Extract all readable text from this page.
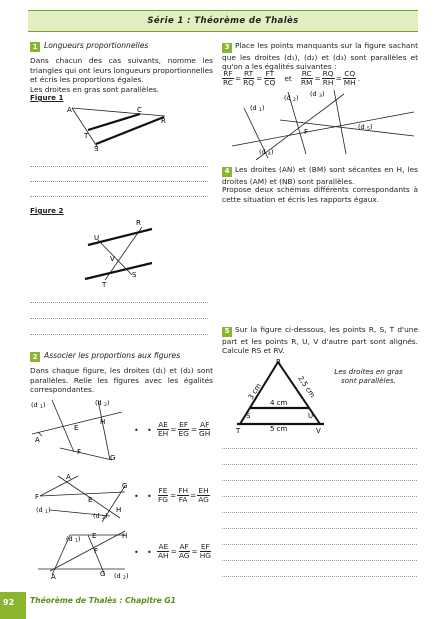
Série 1 : Théorème de Thalès
1 Longueurs proportionnelles
Dans chacun des cas suivants, nomme les triangles qui ont leurs longueurs proportionnelles et écris les proportions égales.
Les droites en gras sont parallèles.
Figure 1
A	C
R
T
S
Figure 2
R
U
V
S
T
2 Associer les proportions aux figures
Dans chaque figure, les droites (d₁) et (d₂) sont parallèles. Relie les figures avec les égalités correspondantes.
(d 1 )	(d 2 )
A
E
H
F
G
• • $\frac{AE}{EH} = \frac{EF}{EG} = \frac{AF}{GH}$
A
G
F	E
(d 1 )
(d 2 )
H
• • $\frac{FE}{FG} = \frac{FH}{FA} = \frac{EH}{AG}$
(d 1 ) E	H
F
A	G (d 2 )
• • $\frac{AE}{AH} = \frac{AF}{AG} = \frac{EF}{HG}$
3 Place les points manquants sur la figure sachant que les droites (d₁), (d₂) et (d₃) sont parallèles et qu'on a les égalités suivantes :
$\frac{RF}{RC} = \frac{RT}{RQ} = \frac{FT}{CQ}$ et $\frac{RC}{RM} = \frac{RQ}{RH} = \frac{CQ}{MH}$ .
(d 1 )
(d 2 ) (d 3 )
(d 5 )
(d 4 )
F
4 Les droites (AN) et (BM) sont sécantes en H, les droites (AM) et (NB) sont parallèles.
Propose deux schémas différents correspondants à cette situation et écris les rapports égaux.
5 Sur la figure ci-dessous, les points R, S, T d'une part et les points R, U, V d'autre part sont alignés. Calcule RS et RV.
R
S	U
T	V
4 cm
5 cm
3 cm	2,5 cm
Les droites en gras sont parallèles.
92 Théorème de Thalès : Chapitre G1
